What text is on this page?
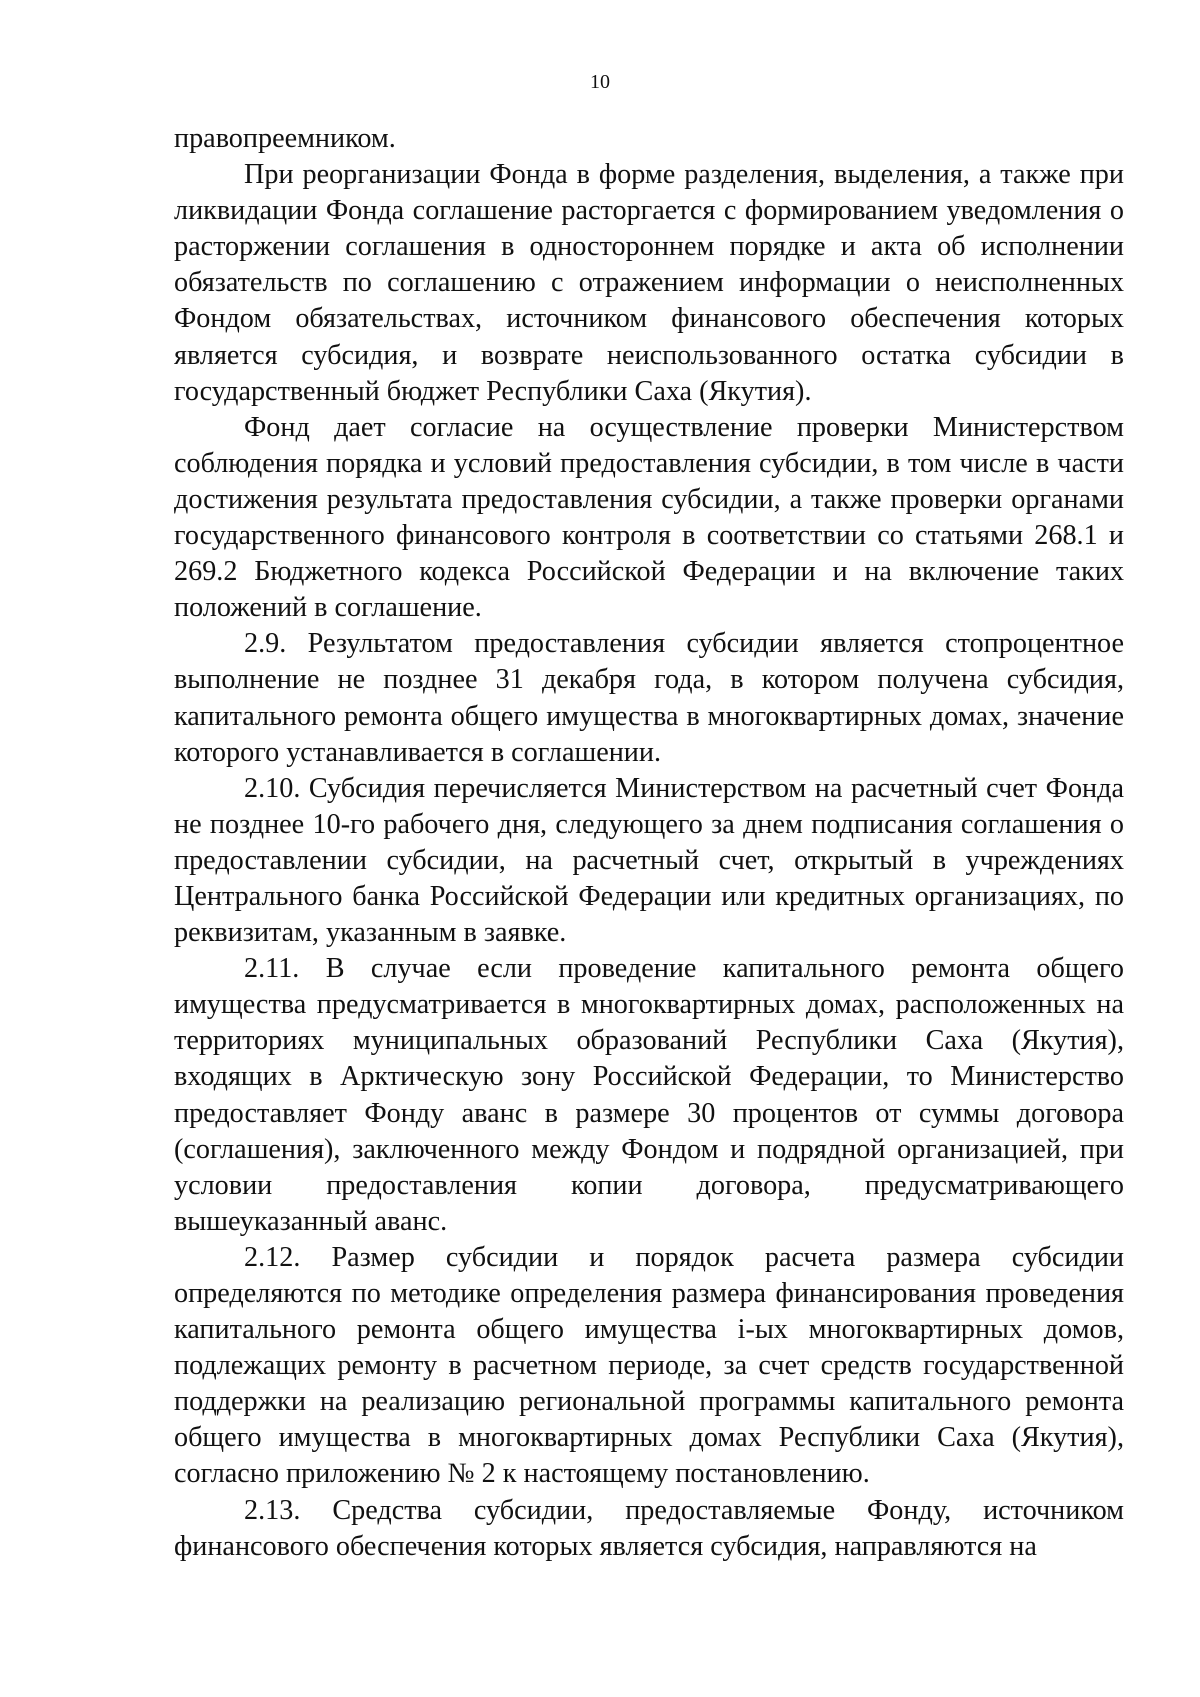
10

правопреемником.

При реорганизации Фонда в форме разделения, выделения, а также при ликвидации Фонда соглашение расторгается с формированием уведомления о расторжении соглашения в одностороннем порядке и акта об исполнении обязательств по соглашению с отражением информации о неисполненных Фондом обязательствах, источником финансового обеспечения которых является субсидия, и возврате неиспользованного остатка субсидии в государственный бюджет Республики Саха (Якутия).

Фонд дает согласие на осуществление проверки Министерством соблюдения порядка и условий предоставления субсидии, в том числе в части достижения результата предоставления субсидии, а также проверки органами государственного финансового контроля в соответствии со статьями 268.1 и 269.2 Бюджетного кодекса Российской Федерации и на включение таких положений в соглашение.

2.9. Результатом предоставления субсидии является стопроцентное выполнение не позднее 31 декабря года, в котором получена субсидия, капитального ремонта общего имущества в многоквартирных домах, значение которого устанавливается в соглашении.

2.10. Субсидия перечисляется Министерством на расчетный счет Фонда не позднее 10-го рабочего дня, следующего за днем подписания соглашения о предоставлении субсидии, на расчетный счет, открытый в учреждениях Центрального банка Российской Федерации или кредитных организациях, по реквизитам, указанным в заявке.

2.11. В случае если проведение капитального ремонта общего имущества предусматривается в многоквартирных домах, расположенных на территориях муниципальных образований Республики Саха (Якутия), входящих в Арктическую зону Российской Федерации, то Министерство предоставляет Фонду аванс в размере 30 процентов от суммы договора (соглашения), заключенного между Фондом и подрядной организацией, при условии предоставления копии договора, предусматривающего вышеуказанный аванс.

2.12. Размер субсидии и порядок расчета размера субсидии определяются по методике определения размера финансирования проведения капитального ремонта общего имущества i-ых многоквартирных домов, подлежащих ремонту в расчетном периоде, за счет средств государственной поддержки на реализацию региональной программы капитального ремонта общего имущества в многоквартирных домах Республики Саха (Якутия), согласно приложению № 2 к настоящему постановлению.

2.13. Средства субсидии, предоставляемые Фонду, источником финансового обеспечения которых является субсидия, направляются на
